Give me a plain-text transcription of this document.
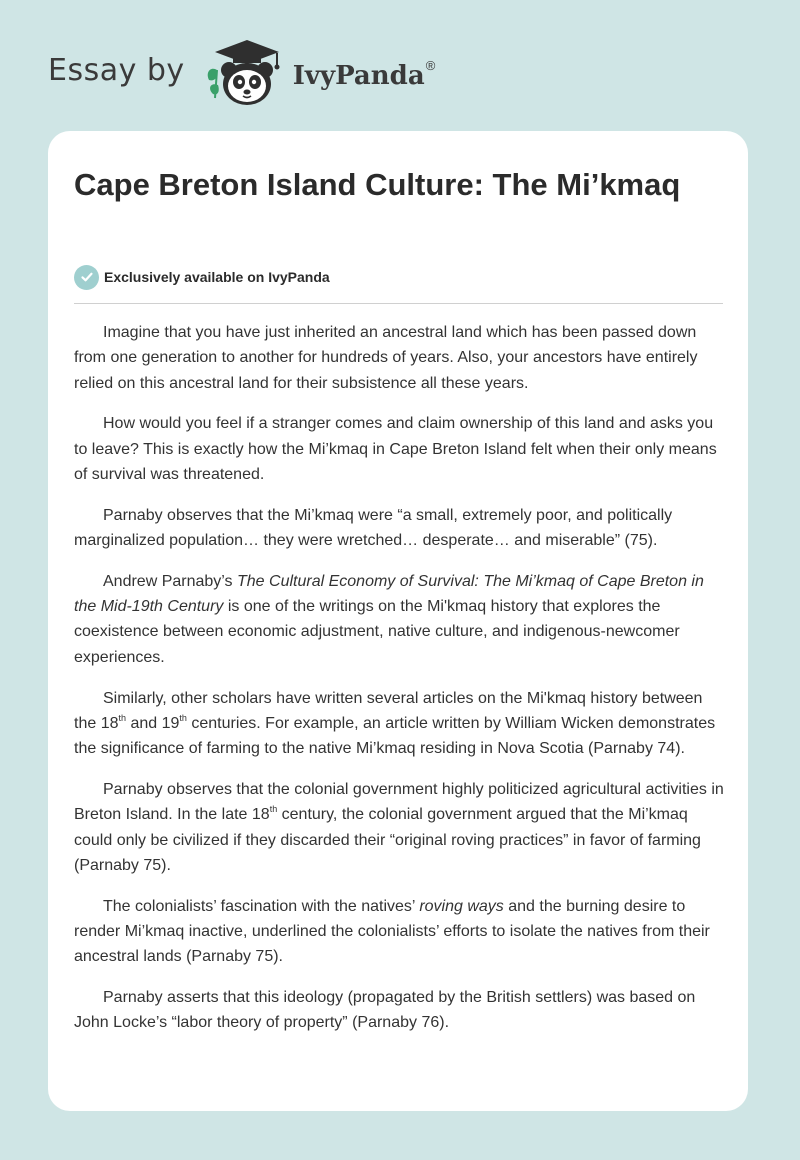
Essay by	IvyPanda®
Cape Breton Island Culture: The Mi’kmaq
Exclusively available on IvyPanda

Imagine that you have just inherited an ancestral land which has been passed down from one generation to another for hundreds of years. Also, your ancestors have entirely relied on this ancestral land for their subsistence all these years.

How would you feel if a stranger comes and claim ownership of this land and asks you to leave? This is exactly how the Mi’kmaq in Cape Breton Island felt when their only means of survival was threatened.

Parnaby observes that the Mi’kmaq were “a small, extremely poor, and politically marginalized population… they were wretched… desperate… and miserable” (75).

Andrew Parnaby’s The Cultural Economy of Survival: The Mi’kmaq of Cape Breton in the Mid-19th Century is one of the writings on the Mi'kmaq history that explores the coexistence between economic adjustment, native culture, and indigenous-newcomer experiences.

Similarly, other scholars have written several articles on the Mi'kmaq history between the 18th and 19th centuries. For example, an article written by William Wicken demonstrates the significance of farming to the native Mi’kmaq residing in Nova Scotia (Parnaby 74).

Parnaby observes that the colonial government highly politicized agricultural activities in Breton Island. In the late 18th century, the colonial government argued that the Mi’kmaq could only be civilized if they discarded their “original roving practices” in favor of farming (Parnaby 75).

The colonialists’ fascination with the natives’ roving ways and the burning desire to render Mi’kmaq inactive, underlined the colonialists’ efforts to isolate the natives from their ancestral lands (Parnaby 75).

Parnaby asserts that this ideology (propagated by the British settlers) was based on John Locke’s “labor theory of property” (Parnaby 76).
